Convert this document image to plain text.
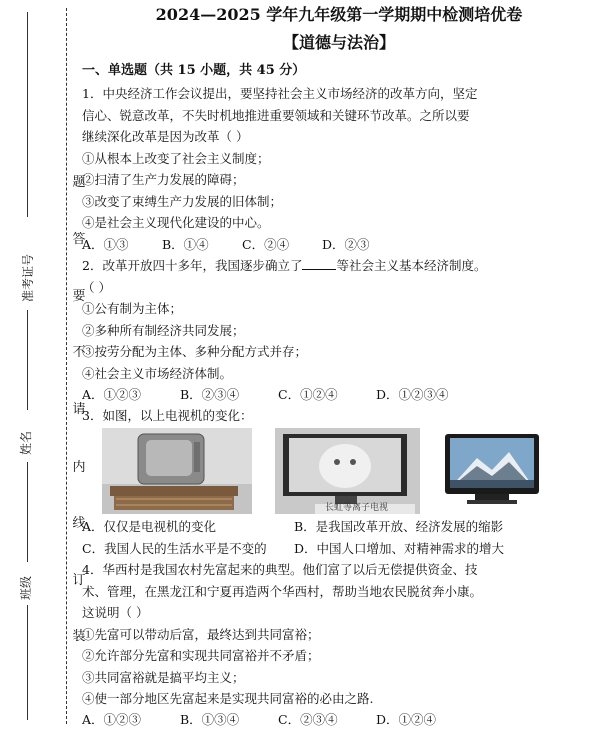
题
答
要
不
请
内
线
订
装
准考证号
姓名
班级
2024—2025 学年九年级第一学期期中检测培优卷
【道德与法治】
一、单选题（共 15 小题，共 45 分）
1．中央经济工作会议提出，要坚持社会主义市场经济的改革方向，坚定
信心、锐意改革，不失时机地推进重要领域和关键环节改革。之所以要
继续深化改革是因为改革（ ）
①从根本上改变了社会主义制度；
②扫清了生产力发展的障碍；
③改变了束缚生产力发展的旧体制；
④是社会主义现代化建设的中心。
A．①③	B．①④	C．②④	D．②③
2．改革开放四十多年，我国逐步确立了	等社会主义基本经济制度。
（ ）
①公有制为主体；
②多种所有制经济共同发展；
③按劳分配为主体、多种分配方式并存；
④社会主义市场经济体制。
A．①②③	B．②③④	C．①②④	D．①②③④
3．如图，以上电视机的变化：
长虹等离子电视
A．仅仅是电视机的变化	B．是我国改革开放、经济发展的缩影
C．我国人民的生活水平是不变的 D．中国人口增加、对精神需求的增大
4．华西村是我国农村先富起来的典型。他们富了以后无偿提供资金、技
术、管理，在黑龙江和宁夏再造两个华西村，帮助当地农民脱贫奔小康。
这说明（ ）
①先富可以带动后富，最终达到共同富裕；
②允许部分先富和实现共同富裕并不矛盾；
③共同富裕就是搞平均主义；
④使一部分地区先富起来是实现共同富裕的必由之路.
A．①②③	B．①③④	C．②③④	D．①②④
